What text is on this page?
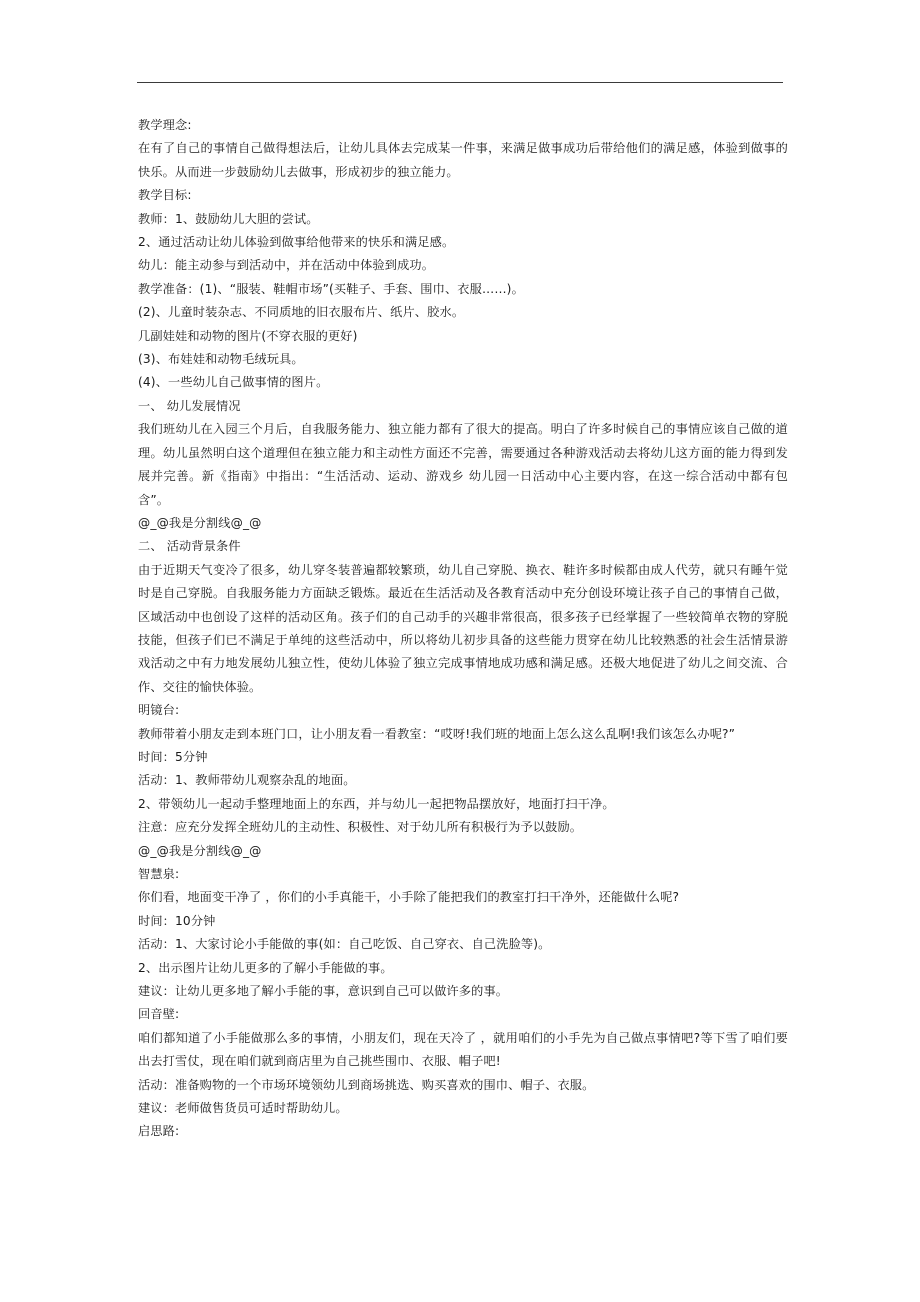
教学理念:

在有了自己的事情自己做得想法后，让幼儿具体去完成某一件事，来满足做事成功后带给他们的满足感，体验到做事的快乐。从而进一步鼓励幼儿去做事，形成初步的独立能力。

教学目标:

教师：1、鼓励幼儿大胆的尝试。

2、通过活动让幼儿体验到做事给他带来的快乐和满足感。

幼儿：能主动参与到活动中，并在活动中体验到成功。

教学准备：(1)、“服装、鞋帽市场”(买鞋子、手套、围巾、衣服……)。

(2)、儿童时装杂志、不同质地的旧衣服布片、纸片、胶水。

几副娃娃和动物的图片(不穿衣服的更好)

(3)、布娃娃和动物毛绒玩具。

(4)、一些幼儿自己做事情的图片。

一、 幼儿发展情况

我们班幼儿在入园三个月后，自我服务能力、独立能力都有了很大的提高。明白了许多时候自己的事情应该自己做的道理。幼儿虽然明白这个道理但在独立能力和主动性方面还不完善，需要通过各种游戏活动去将幼儿这方面的能力得到发展并完善。新《指南》中指出：“生活活动、运动、游戏乡 幼儿园一日活动中心主要内容，在这一综合活动中都有包含”。

@_@我是分割线@_@

二、 活动背景条件

由于近期天气变冷了很多，幼儿穿冬装普遍都较繁琐，幼儿自己穿脱、换衣、鞋许多时候都由成人代劳，就只有睡午觉时是自己穿脱。自我服务能力方面缺乏锻炼。最近在生活活动及各教育活动中充分创设环境让孩子自己的事情自己做，区域活动中也创设了这样的活动区角。孩子们的自己动手的兴趣非常很高，很多孩子已经掌握了一些较简单衣物的穿脱技能，但孩子们已不满足于单纯的这些活动中，所以将幼儿初步具备的这些能力贯穿在幼儿比较熟悉的社会生活情景游戏活动之中有力地发展幼儿独立性，使幼儿体验了独立完成事情地成功感和满足感。还极大地促进了幼儿之间交流、合作、交往的愉快体验。

明镜台:

教师带着小朋友走到本班门口，让小朋友看一看教室：“哎呀!我们班的地面上怎么这么乱啊!我们该怎么办呢?”

时间：5分钟

活动：1、教师带幼儿观察杂乱的地面。

2、带领幼儿一起动手整理地面上的东西，并与幼儿一起把物品摆放好，地面打扫干净。

注意：应充分发挥全班幼儿的主动性、积极性、对于幼儿所有积极行为予以鼓励。

@_@我是分割线@_@

智慧泉:

你们看，地面变干净了 ，你们的小手真能干，小手除了能把我们的教室打扫干净外，还能做什么呢?

时间：10分钟

活动：1、大家讨论小手能做的事(如：自己吃饭、自己穿衣、自己洗脸等)。

2、出示图片让幼儿更多的了解小手能做的事。

建议：让幼儿更多地了解小手能的事，意识到自己可以做许多的事。

回音壁:

咱们都知道了小手能做那么多的事情，小朋友们，现在天冷了 ，就用咱们的小手先为自己做点事情吧?等下雪了咱们要出去打雪仗，现在咱们就到商店里为自己挑些围巾、衣服、帽子吧!

活动：准备购物的一个市场环境领幼儿到商场挑选、购买喜欢的围巾、帽子、衣服。

建议：老师做售货员可适时帮助幼儿。

启思路:
